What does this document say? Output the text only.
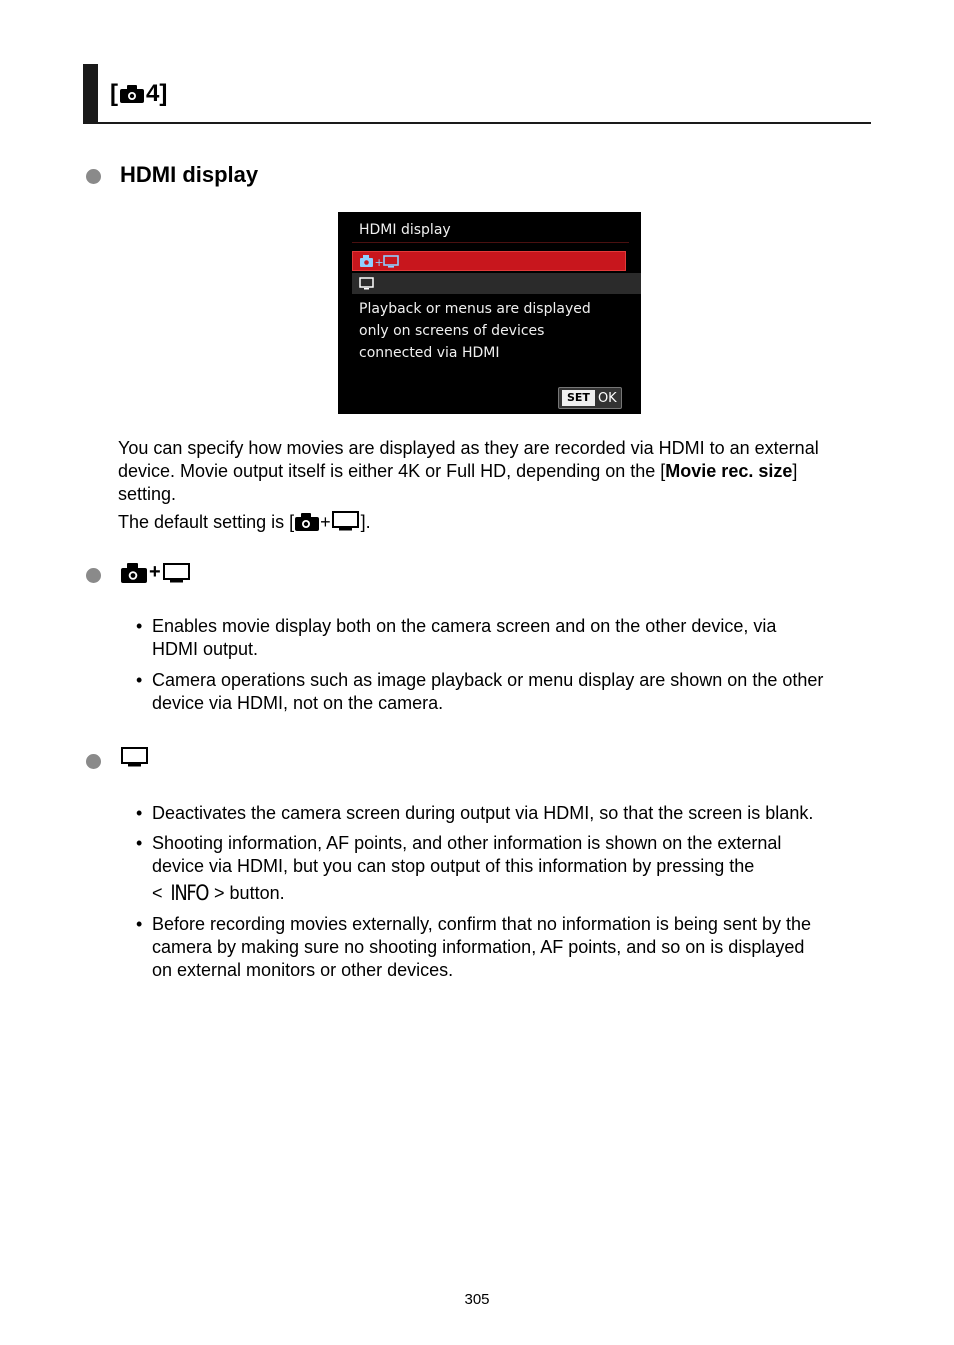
[ 4 ]
HDMI display
HDMI display
+
Playback or menus are displayed
only on screens of devices
connected via HDMI
SET OK
You can specify how movies are displayed as they are recorded via HDMI to an external
device. Movie output itself is either 4K or Full HD, depending on the [Movie rec. size]
setting.
The default setting is [ + ].
+
• Enables movie display both on the camera screen and on the other device, via
HDMI output.
• Camera operations such as image playback or menu display are shown on the other
device via HDMI, not on the camera.
• Deactivates the camera screen during output via HDMI, so that the screen is blank.
• Shooting information, AF points, and other information is shown on the external
device via HDMI, but you can stop output of this information by pressing the
< INFO > button.
• Before recording movies externally, confirm that no information is being sent by the
camera by making sure no shooting information, AF points, and so on is displayed
on external monitors or other devices.
305
